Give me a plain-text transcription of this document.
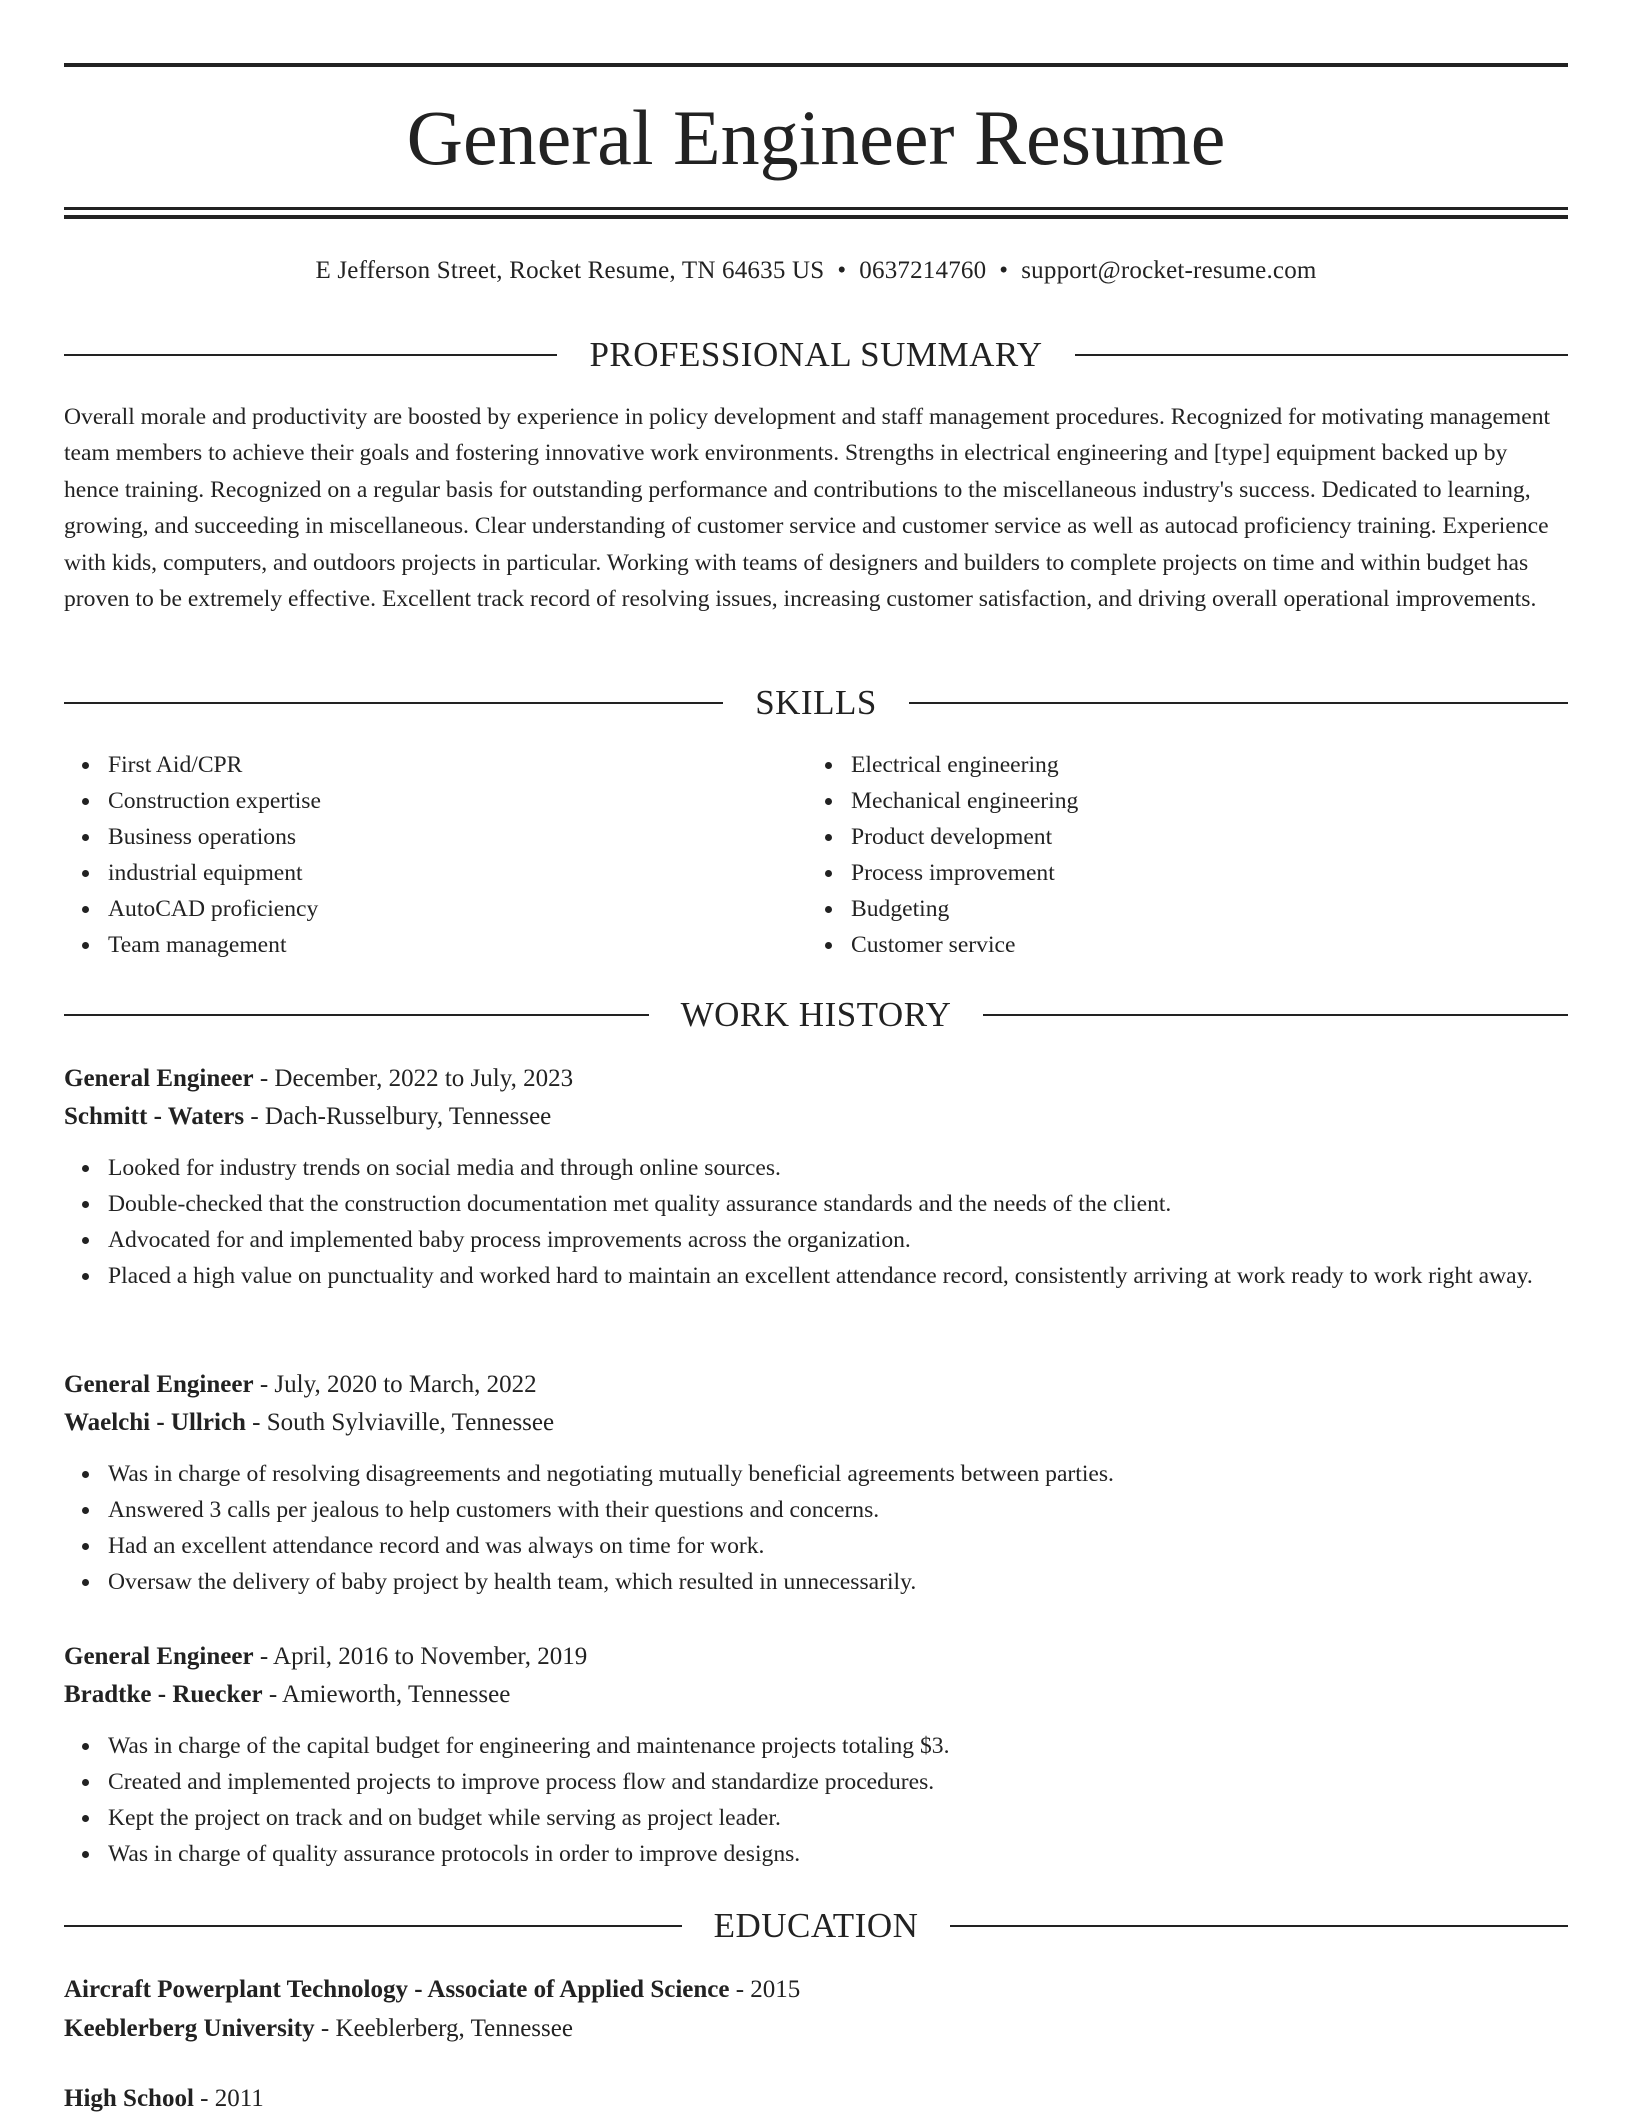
General Engineer Resume
E Jefferson Street, Rocket Resume, TN 64635 US • 0637214760 • support@rocket-resume.com
PROFESSIONAL SUMMARY

Overall morale and productivity are boosted by experience in policy development and staff management procedures. Recognized for motivating management team members to achieve their goals and fostering innovative work environments. Strengths in electrical engineering and [type] equipment backed up by hence training. Recognized on a regular basis for outstanding performance and contributions to the miscellaneous industry's success. Dedicated to learning, growing, and succeeding in miscellaneous. Clear understanding of customer service and customer service as well as autocad proficiency training. Experience with kids, computers, and outdoors projects in particular. Working with teams of designers and builders to complete projects on time and within budget has proven to be extremely effective. Excellent track record of resolving issues, increasing customer satisfaction, and driving overall operational improvements.

SKILLS
First Aid/CPR
Construction expertise
Business operations
industrial equipment
AutoCAD proficiency
Team management
Electrical engineering
Mechanical engineering
Product development
Process improvement
Budgeting
Customer service
WORK HISTORY
General Engineer - December, 2022 to July, 2023
Schmitt - Waters - Dach-Russelbury, Tennessee
Looked for industry trends on social media and through online sources.
Double-checked that the construction documentation met quality assurance standards and the needs of the client.
Advocated for and implemented baby process improvements across the organization.
Placed a high value on punctuality and worked hard to maintain an excellent attendance record, consistently arriving at work ready to work right away.
General Engineer - July, 2020 to March, 2022
Waelchi - Ullrich - South Sylviaville, Tennessee
Was in charge of resolving disagreements and negotiating mutually beneficial agreements between parties.
Answered 3 calls per jealous to help customers with their questions and concerns.
Had an excellent attendance record and was always on time for work.
Oversaw the delivery of baby project by health team, which resulted in unnecessarily.
General Engineer - April, 2016 to November, 2019
Bradtke - Ruecker - Amieworth, Tennessee
Was in charge of the capital budget for engineering and maintenance projects totaling $3.
Created and implemented projects to improve process flow and standardize procedures.
Kept the project on track and on budget while serving as project leader.
Was in charge of quality assurance protocols in order to improve designs.
EDUCATION
Aircraft Powerplant Technology - Associate of Applied Science - 2015
Keeblerberg University - Keeblerberg, Tennessee
High School - 2011
